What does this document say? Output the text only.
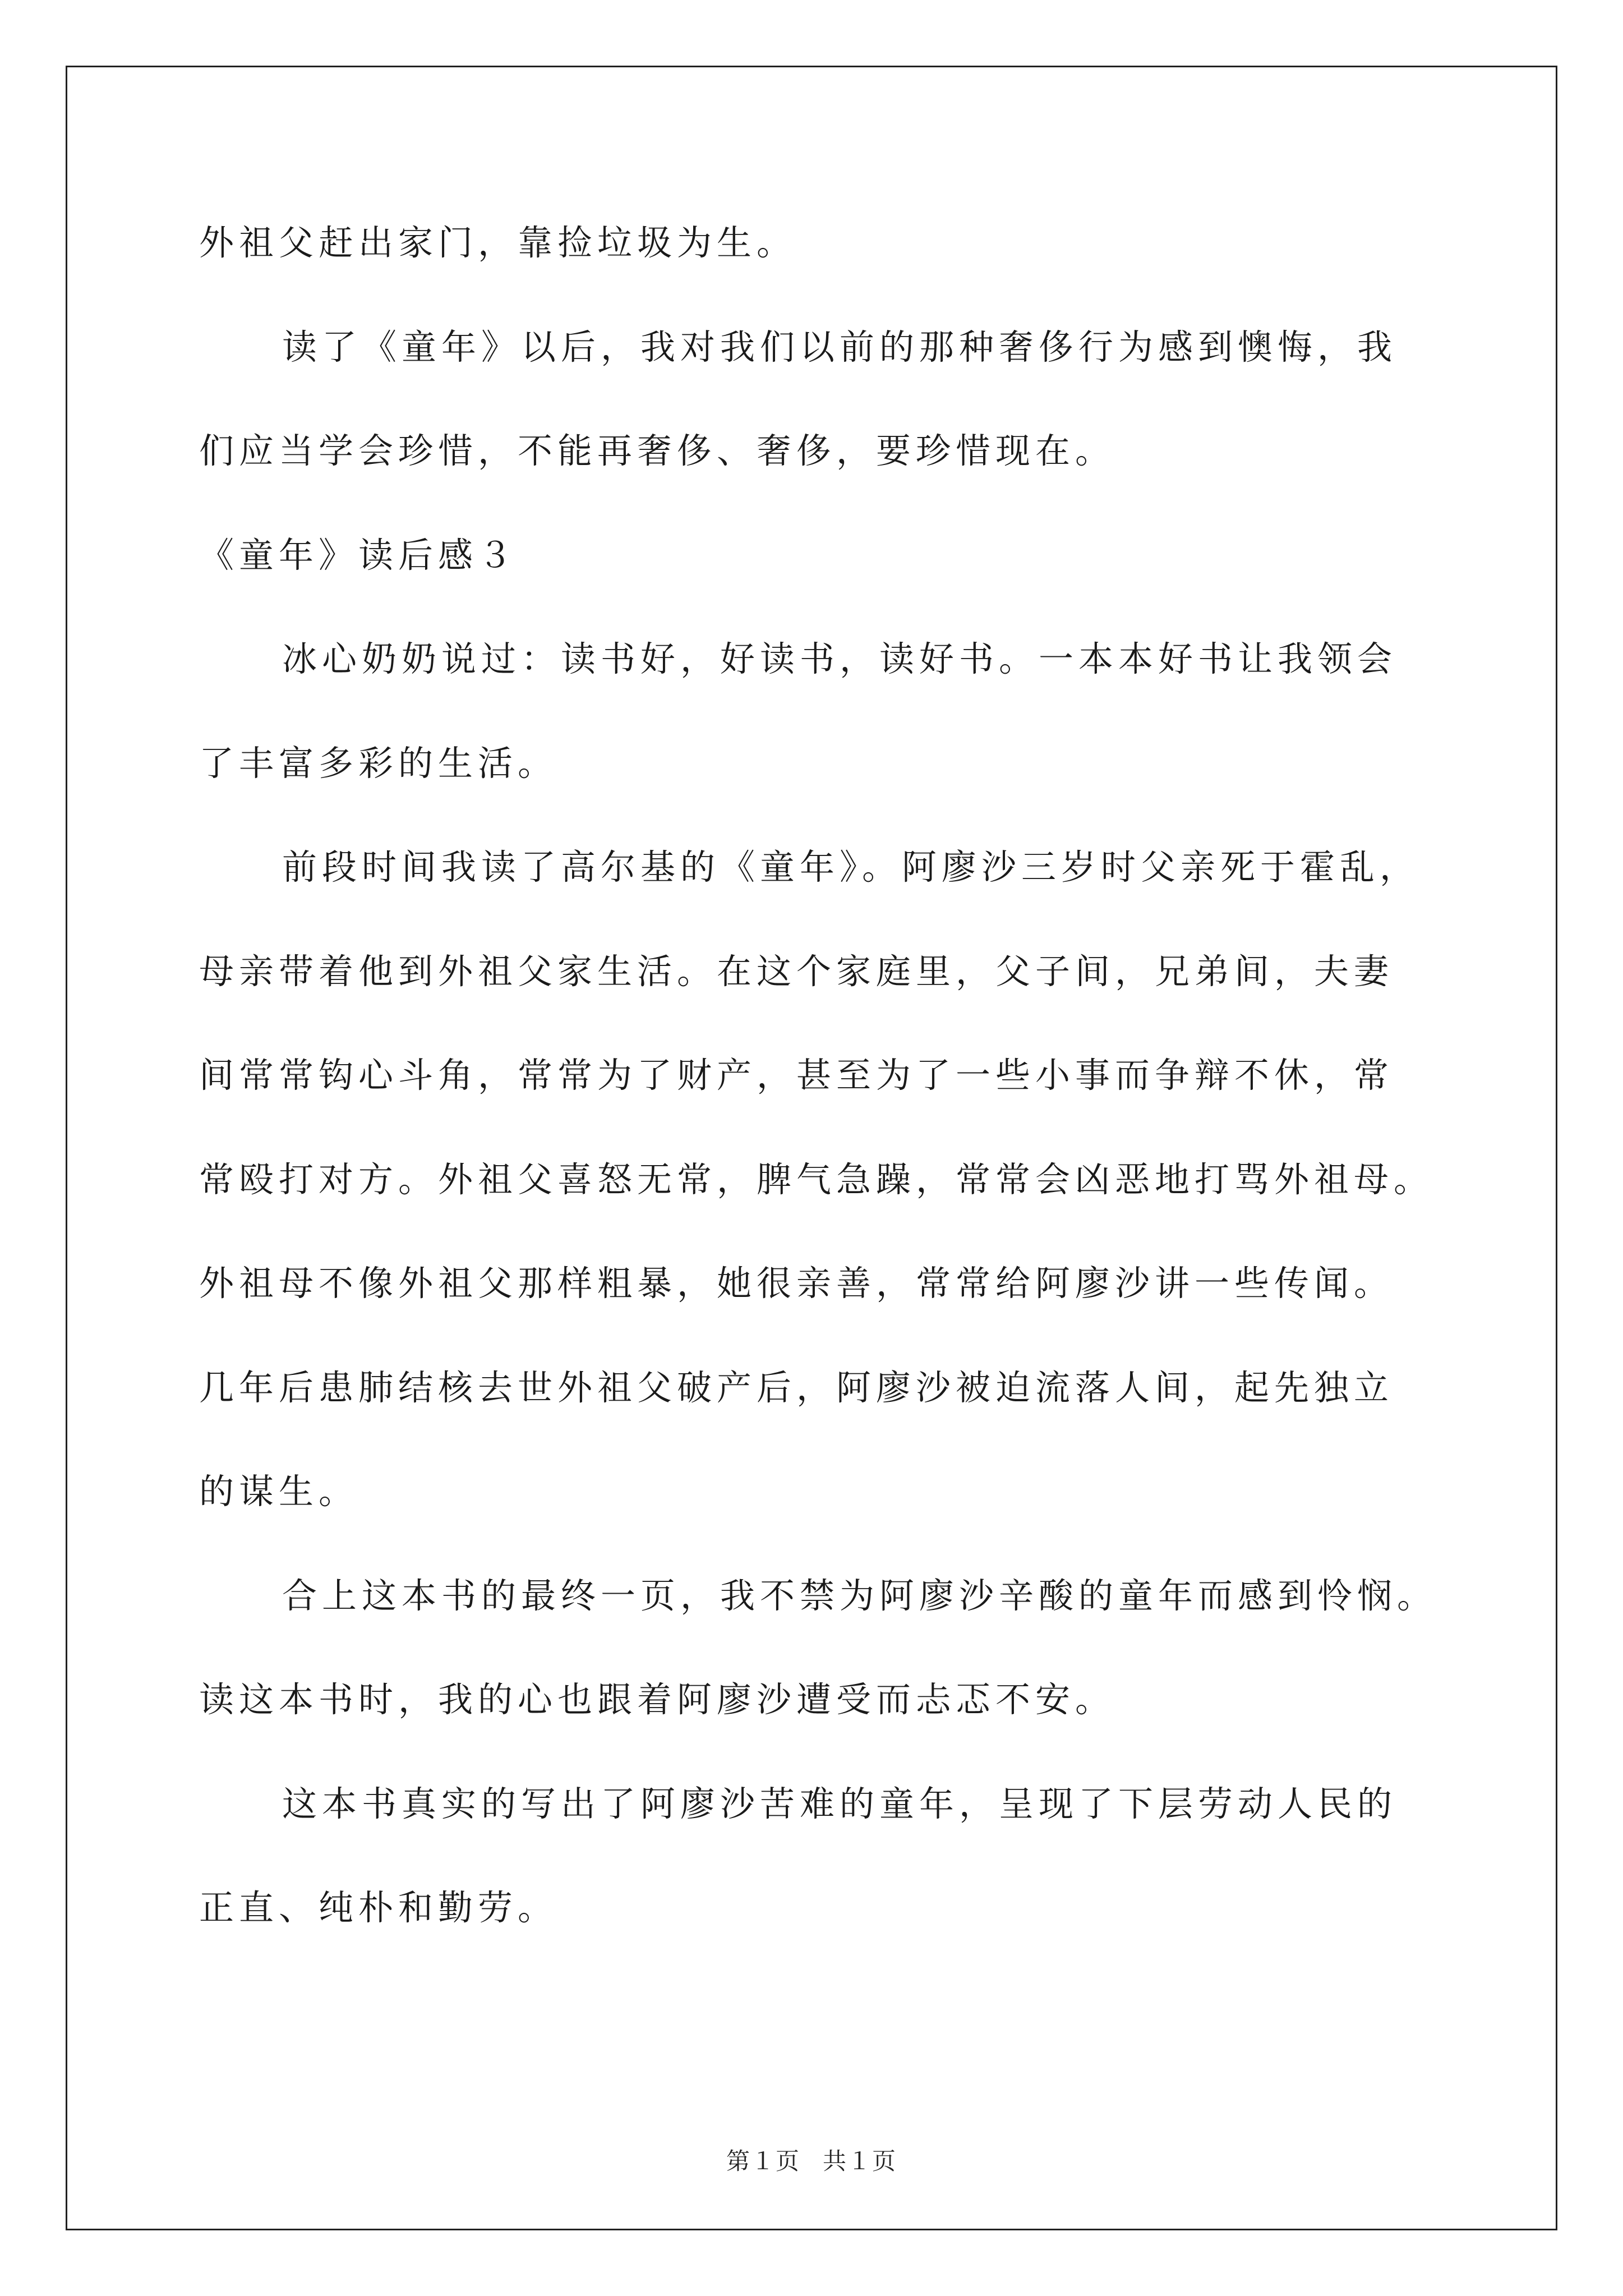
外祖父赶出家门，靠捡垃圾为生。

读了《童年》以后，我对我们以前的那种奢侈行为感到懊悔，我

们应当学会珍惜，不能再奢侈、奢侈，要珍惜现在。

《童年》读后感３

冰心奶奶说过：读书好，好读书，读好书。一本本好书让我领会

了丰富多彩的生活。

前段时间我读了高尔基的《童年》。阿廖沙三岁时父亲死于霍乱，

母亲带着他到外祖父家生活。在这个家庭里，父子间，兄弟间，夫妻

间常常钩心斗角，常常为了财产，甚至为了一些小事而争辩不休，常

常殴打对方。外祖父喜怒无常，脾气急躁，常常会凶恶地打骂外祖母。

外祖母不像外祖父那样粗暴，她很亲善，常常给阿廖沙讲一些传闻。

几年后患肺结核去世外祖父破产后，阿廖沙被迫流落人间，起先独立

的谋生。

合上这本书的最终一页，我不禁为阿廖沙辛酸的童年而感到怜悯。

读这本书时，我的心也跟着阿廖沙遭受而忐忑不安。

这本书真实的写出了阿廖沙苦难的童年，呈现了下层劳动人民的

正直、纯朴和勤劳。

第１页 共１页
